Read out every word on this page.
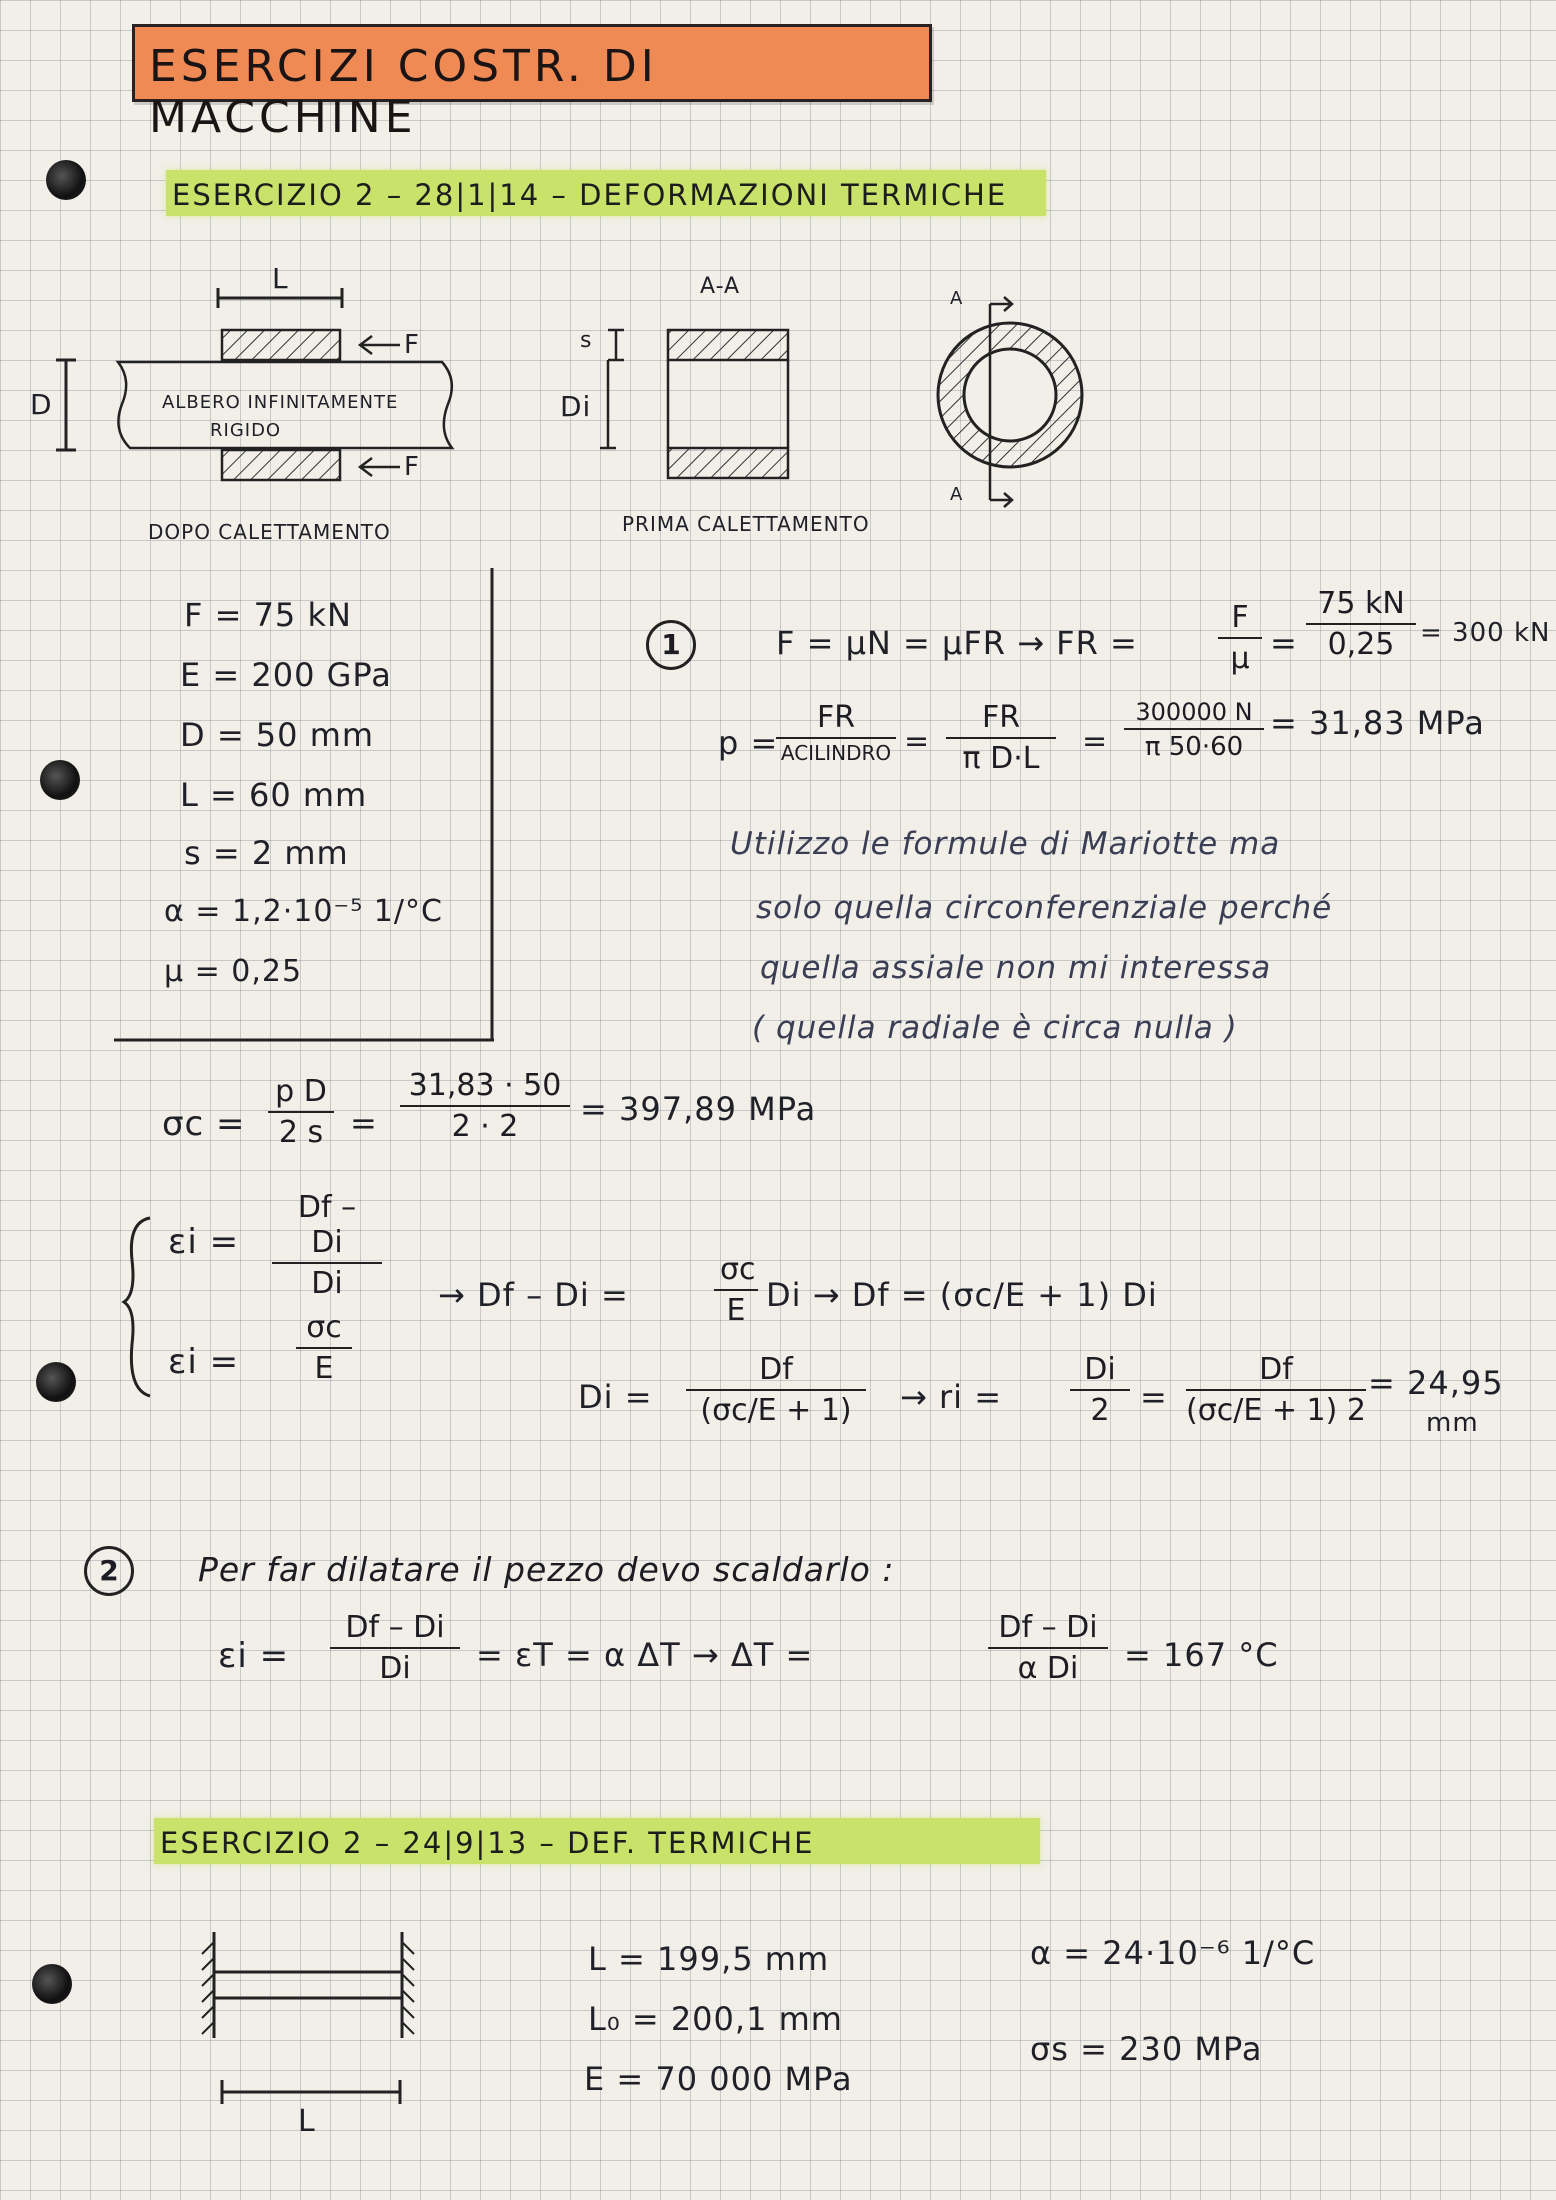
ESERCIZI COSTR. DI MACCHINE
ESERCIZIO 2 – 28|1|14 – DEFORMAZIONI TERMICHE
L
D
F
F
ALBERO INFINITAMENTE
RIGIDO
DOPO CALETTAMENTO
A-A
s
Di
PRIMA CALETTAMENTO
A
A
F = 75 kN
E = 200 GPa
D = 50 mm
L = 60 mm
s = 2 mm
α = 1,2·10⁻⁵ 1/°C
μ = 0,25
1	F = μN = μFR → FR =	$\frac{F}{\mu} = \frac{75 kN}{0,25} = 300$ kN
p =
FR
ACILINDRO = $\frac{FR}{\text{π D·L}} = \frac{300000 N}{\pi 50\cdot 60} = 31,83$ MPa
Utilizzo le formule di Mariotte ma
solo quella circonferenziale perché
quella assiale non mi interessa
( quella radiale è circa nulla )
$\sigma c = \frac{\text{p D}}{2 s} = \frac{31,83 \cdot 50}{2 \cdot 2} = 397,89$ MPa
$\varepsilon i = \frac{Df - Di}{Di}$
$\varepsilon i = \frac{\sigma c}{E}$
→ Df – Di =	$\frac{\sigma c}{E}$ Di → Df = (σc/E + 1) Di
$Di = \frac{Df}{(\sigma c/E + 1)}$ → ri = $\frac{Di}{2} = \frac{Df}{(\sigma c/E + 1) 2} = 24,95$
mm
2	Per far dilatare il pezzo devo scaldarlo :
$\varepsilon i = \frac{Df - Di}{Di} = \varepsilon T = \alpha$ ΔT → ΔT =	$\frac{Df - Di}{\text{α Di}} = 167$ °C
ESERCIZIO 2 – 24|9|13 – DEF. TERMICHE
L
L = 199,5 mm
L₀ = 200,1 mm
E = 70 000 MPa
α = 24·10⁻⁶ 1/°C
σs = 230 MPa
